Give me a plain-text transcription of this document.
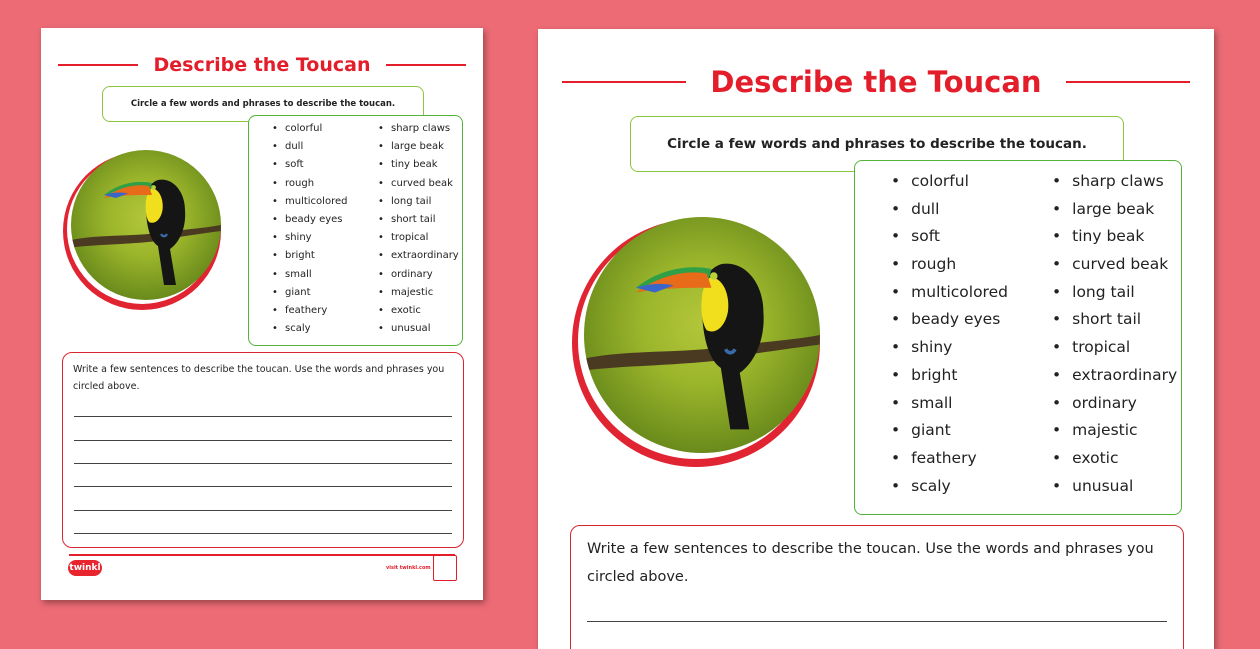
Describe the Toucan
Circle a few words and phrases to describe the toucan.
• colorful
• dull
• soft
• rough
• multicolored
• beady eyes
• shiny
• bright
• small
• giant
• feathery
• scaly
• sharp claws
• large beak
• tiny beak
• curved beak
• long tail
• short tail
• tropical
• extraordinary
• ordinary
• majestic
• exotic
• unusual
Write a few sentences to describe the toucan. Use the words and phrases you circled above.
twinkl	visit twinkl.com
Describe the Toucan
Circle a few words and phrases to describe the toucan.
• colorful
• dull
• soft
• rough
• multicolored
• beady eyes
• shiny
• bright
• small
• giant
• feathery
• scaly
• sharp claws
• large beak
• tiny beak
• curved beak
• long tail
• short tail
• tropical
• extraordinary
• ordinary
• majestic
• exotic
• unusual
Write a few sentences to describe the toucan. Use the words and phrases you
circled above.
